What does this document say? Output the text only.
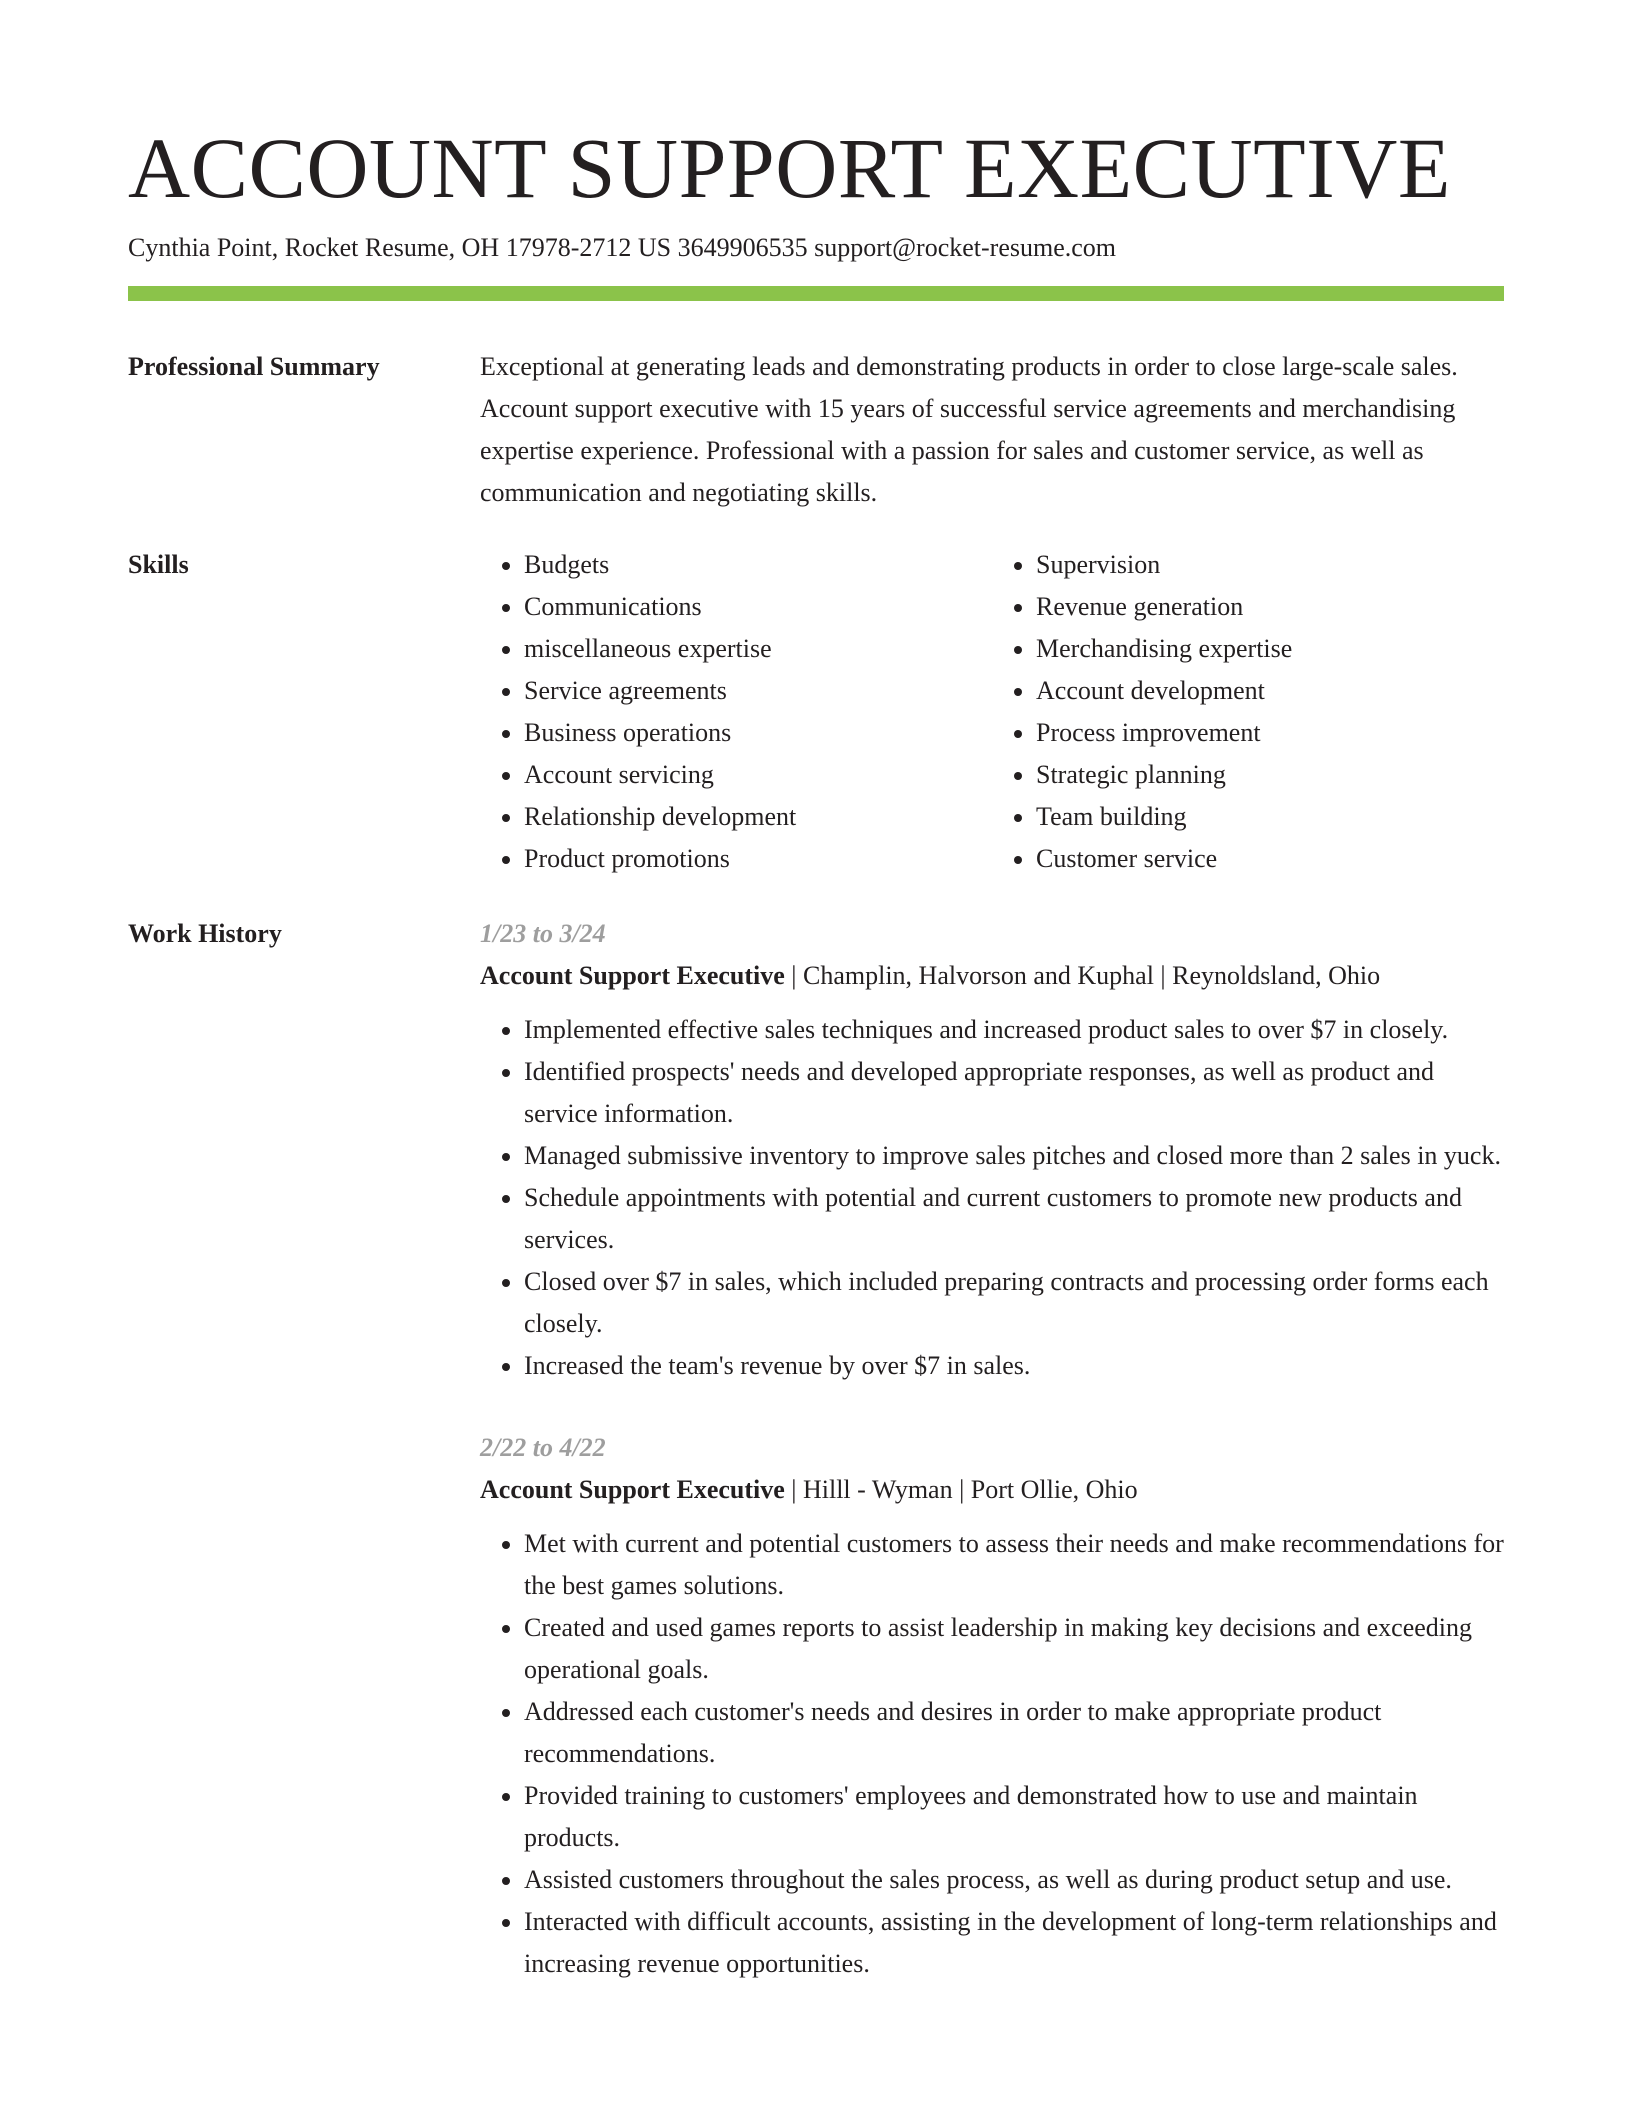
ACCOUNT SUPPORT EXECUTIVE
Cynthia Point, Rocket Resume, OH 17978-2712 US 3649906535 support@rocket-resume.com
Professional Summary	Exceptional at generating leads and demonstrating products in order to close large-scale sales. Account support executive with 15 years of successful service agreements and merchandising expertise experience. Professional with a passion for sales and customer service, as well as communication and negotiating skills.

Skills
•	Budgets
• Communications
• miscellaneous expertise
• Service agreements
• Business operations
• Account servicing
• Relationship development
• Product promotions
• Supervision
• Revenue generation
• Merchandising expertise
• Account development
• Process improvement
• Strategic planning
• Team building
• Customer service
Work History	1/23 to 3/24
Account Support Executive | Champlin, Halvorson and Kuphal | Reynoldsland, Ohio
• Implemented effective sales techniques and increased product sales to over $7 in closely.
• Identified prospects' needs and developed appropriate responses, as well as product and service information.
• Managed submissive inventory to improve sales pitches and closed more than 2 sales in yuck.
• Schedule appointments with potential and current customers to promote new products and services.
• Closed over $7 in sales, which included preparing contracts and processing order forms each closely.
• Increased the team's revenue by over $7 in sales.
2/22 to 4/22
Account Support Executive | Hilll - Wyman | Port Ollie, Ohio
• Met with current and potential customers to assess their needs and make recommendations for the best games solutions.
• Created and used games reports to assist leadership in making key decisions and exceeding operational goals.
• Addressed each customer's needs and desires in order to make appropriate product recommendations.
• Provided training to customers' employees and demonstrated how to use and maintain products.
• Assisted customers throughout the sales process, as well as during product setup and use.
• Interacted with difficult accounts, assisting in the development of long-term relationships and increasing revenue opportunities.
